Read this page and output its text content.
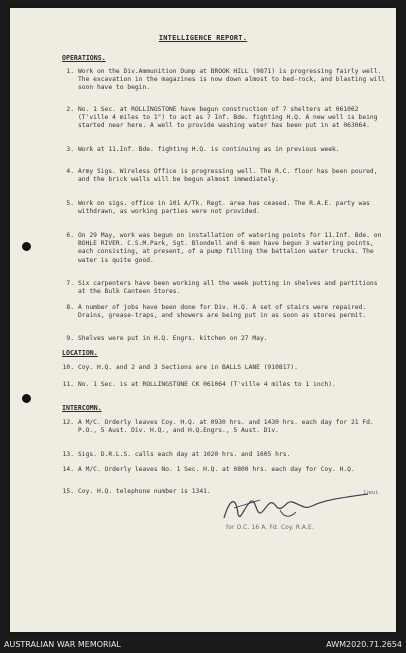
INTELLIGENCE REPORT.
OPERATIONS.
1. Work on the Div.Ammunition Dump at BROOK HILL (9871) is progressing fairly well. The excavation in the magazines is now down almost to bed-rock, and blasting will soon have to begin.
2. No. 1 Sec. at ROLLINGSTONE have begun construction of 7 shelters at 061062 (T'ville 4 miles to 1") to act as 7 Inf. Bde. fighting H.Q. A new well is being started near here. A well to provide washing water has been put in at 063064.
3. Work at 11.Inf. Bde. fighting H.Q. is continuing as in previous week.
4. Army Sigs. Wireless Office is progressing well. The R.C. floor has been poured, and the brick walls will be begun almost immediately.
5. Work on sigs. office in 101 A/Tk. Regt. area has ceased. The R.A.E. party was withdrawn, as working parties were not provided.
6. On 29 May, work was begun on installation of watering points for 11.Inf. Bde. on BOHLE RIVER. C.S.M.Park, Sgt. Blondell and 6 men have begun 3 watering points, each consisting, at present, of a pump filling the battalion water trucks. The water is quite good.
7. Six carpenters have been working all the week putting in shelves and partitions at the Bulk Canteen Stores.
8. A number of jobs have been done for Div. H.Q. A set of stairs were repaired. Drains, grease-traps, and showers are being put in as soon as stores permit.
9. Shelves were put in H.Q. Engrs. kitchen on 27 May.
LOCATION.
10. Coy. H.Q. and 2 and 3 Sections are in BALLS LANE (910817).
11. No. 1 Sec. is at ROLLINGSTONE CK 061064 (T'ville 4 miles to 1 inch).
INTERCOMN.
12. A M/C. Orderly leaves Coy. H.Q. at 0930 hrs. and 1430 hrs. each day for 21 Fd. P.O., 5 Aust. Div. H.Q., and H.Q.Engrs., 5 Aust. Div.
13. Sigs. D.R.L.S. calls each day at 1020 hrs. and 1605 hrs.
14. A M/C. Orderly leaves No. 1 Sec. H.Q. at 0800 hrs. each day for Coy. H.Q.
15. Coy. H.Q. telephone number is 1341.	Lieut.
for O.C. 16 A. Fd. Coy. R.A.E.
AUSTRALIAN WAR MEMORIAL	AWM2020.71.2654
